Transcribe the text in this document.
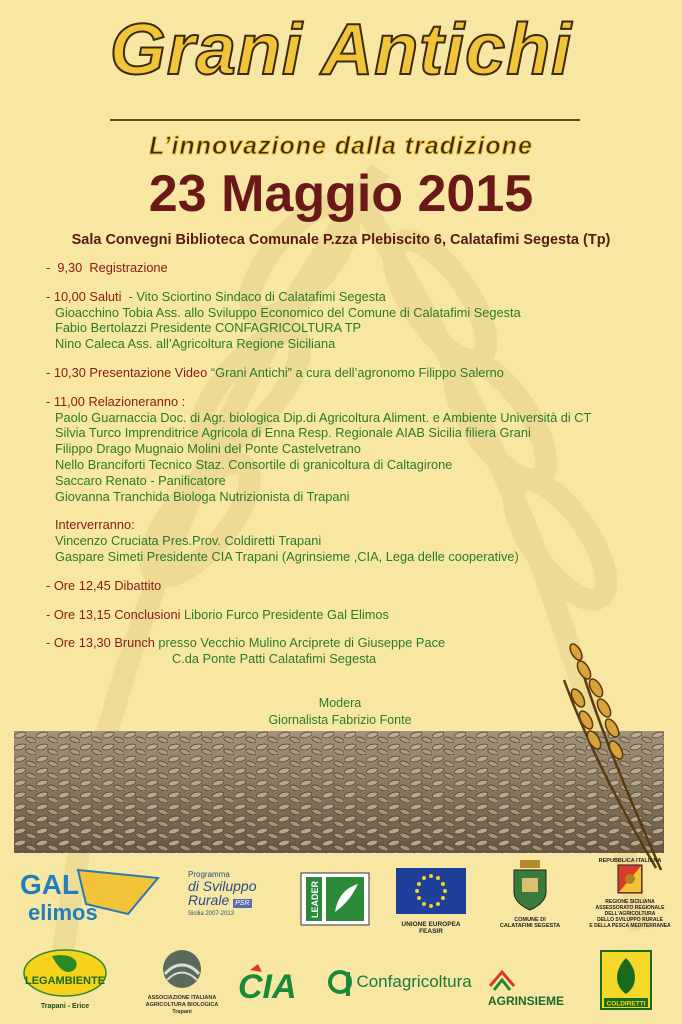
Grani Antichi
L’innovazione dalla tradizione
23 Maggio 2015
Sala Convegni Biblioteca Comunale P.zza Plebiscito 6, Calatafimi Segesta (Tp)
-  9,30 Registrazione
- 10,00 Saluti  - Vito Sciortino Sindaco di Calatafimi Segesta
Gioacchino Tobia Ass. allo Sviluppo Economico del Comune di Calatafimi Segesta
Fabio Bertolazzi Presidente CONFAGRICOLTURA TP
Nino Caleca Ass. all’Agricoltura Regione Siciliana
- 10,30 Presentazione Video “Grani Antichi” a cura dell’agronomo Filippo Salerno
- 11,00 Relazioneranno :
Paolo Guarnaccia Doc. di Agr. biologica Dip.di Agricoltura Aliment. e Ambiente Università di CT
Silvia Turco Imprenditrice Agricola di Enna Resp. Regionale AIAB Sicilia filiera Grani
Filippo Drago Mugnaio Molini del Ponte Castelvetrano
Nello Branciforti Tecnico Staz. Consortile di granicoltura di Caltagirone
Saccaro Renato - Panificatore
Giovanna Tranchida Biologa Nutrizionista di Trapani
Interverranno:
Vincenzo Cruciata Pres.Prov. Coldiretti Trapani
Gaspare Simeti Presidente CIA Trapani (Agrinsieme ,CIA, Lega delle cooperative)
- Ore 12,45 Dibattito
- Ore 13,15 Conclusioni Liborio Furco Presidente Gal Elimos
- Ore 13,30 Brunch presso Vecchio Mulino Arciprete di Giuseppe Pace
C.da Ponte Patti Calatafimi Segesta
Modera
Giornalista Fabrizio Fonte
GAL
elimos
Programma
di Sviluppo
Rurale PSR
Sicilia 2007-2013	LEADER
UNIONE EUROPEA
FEASIR
COMUNE DI
CALATAFIMI SEGESTA
REPUBBLICA ITALIANA
REGIONE SICILIANA
ASSESSORATO REGIONALE
DELL'AGRICOLTURA
DELLO SVILUPPO RURALE
E DELLA PESCA MEDITERRANEA
LEGAMBIENTE
Trapani - Erice
ASSOCIAZIONE ITALIANA
AGRICOLTURA BIOLOGICA
Trapani
CIA	Confagricoltura
AGRINSIEME	COLDIRETTI
